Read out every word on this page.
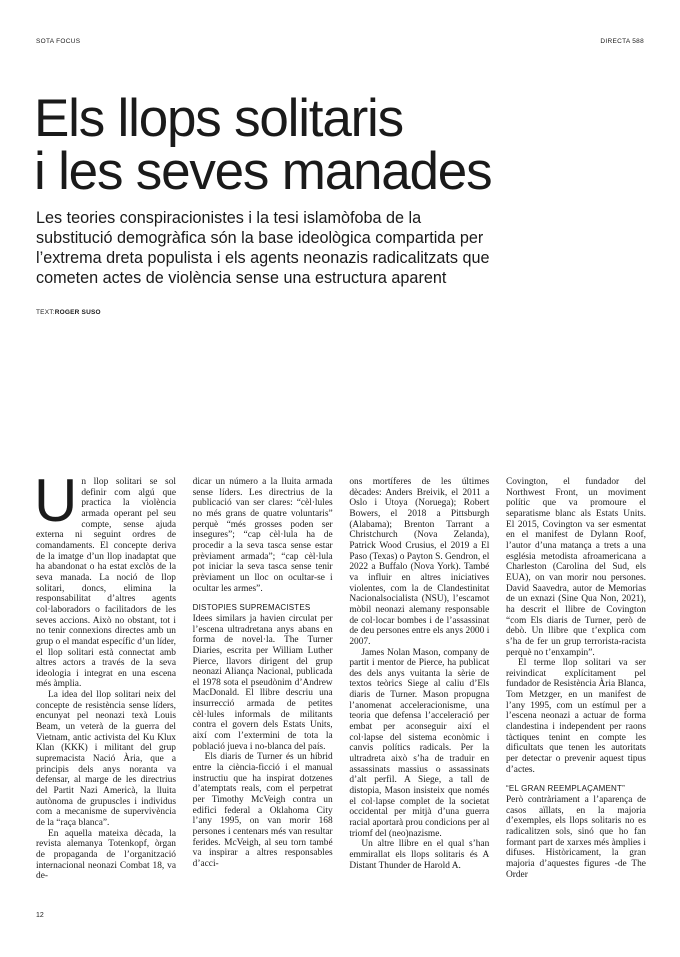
SOTA FOCUS	DIRECTA 588
Els llops solitaris
i les seves manades
Les teories conspiracionistes i la tesi islamòfoba de la
substitució demogràfica són la base ideològica compartida per
l’extrema dreta populista i els agents neonazis radicalitzats que
cometen actes de violència sense una estructura aparent
TEXT:ROGER SUSO
U n llop solitari se sol definir com algú que practica la violència armada operant pel seu compte, sense ajuda externa ni seguint ordres de comandaments. El concepte deriva de la imatge d’un llop inadaptat que ha abandonat o ha estat exclòs de la seva manada. La noció de llop solitari, doncs, elimina la responsabilitat d’altres agents col·laboradors o facilitadors de les seves accions. Això no obstant, tot i no tenir connexions directes amb un grup o el mandat específic d’un líder, el llop solitari està connectat amb altres actors a través de la seva ideologia i integrat en una escena més àmplia.

La idea del llop solitari neix del concepte de resistència sense líders, encunyat pel neonazi texà Louis Beam, un veterà de la guerra del Vietnam, antic activista del Ku Klux Klan (KKK) i militant del grup supremacista Nació Ària, que a principis dels anys noranta va defensar, al marge de les directrius del Partit Nazi Americà, la lluita autònoma de grupuscles i individus com a mecanisme de supervivència de la “raça blanca”.

En aquella mateixa dècada, la revista alemanya Totenkopf, òrgan de propaganda de l’organització internacional neonazi Combat 18, va de-

dicar un número a la lluita armada sense líders. Les directrius de la publicació van ser clares: “cèl·lules no més grans de quatre voluntaris” perquè “més grosses poden ser insegures”; “cap cèl·lula ha de procedir a la seva tasca sense estar prèviament armada”; “cap cèl·lula pot iniciar la seva tasca sense tenir prèviament un lloc on ocultar-se i ocultar les armes”.

DISTOPIES SUPREMACISTES

Idees similars ja havien circulat per l’escena ultradretana anys abans en forma de novel·la. The Turner Diaries, escrita per William Luther Pierce, llavors dirigent del grup neonazi Aliança Nacional, publicada el 1978 sota el pseudònim d’Andrew MacDonald. El llibre descriu una insurrecció armada de petites cèl·lules informals de militants contra el govern dels Estats Units, així com l’extermini de tota la població jueva i no-blanca del país.

Els diaris de Turner és un híbrid entre la ciència-ficció i el manual instructiu que ha inspirat dotzenes d’atemptats reals, com el perpetrat per Timothy McVeigh contra un edifici federal a Oklahoma City l’any 1995, on van morir 168 persones i centenars més van resultar ferides. McVeigh, al seu torn també va inspirar a altres responsables d’acci-

ons mortíferes de les últimes dècades: Anders Breivik, el 2011 a Oslo i Utoya (Noruega); Robert Bowers, el 2018 a Pittsburgh (Alabama); Brenton Tarrant a Christchurch (Nova Zelanda), Patrick Wood Crusius, el 2019 a El Paso (Texas) o Payton S. Gendron, el 2022 a Buffalo (Nova York). També va influir en altres iniciatives violentes, com la de Clandestinitat Nacionalsocialista (NSU), l’escamot mòbil neonazi alemany responsable de col·locar bombes i de l’assassinat de deu persones entre els anys 2000 i 2007.

James Nolan Mason, company de partit i mentor de Pierce, ha publicat des dels anys vuitanta la sèrie de textos teòrics Siege al caliu d’Els diaris de Turner. Mason propugna l’anomenat acceleracionisme, una teoria que defensa l’acceleració per embat per aconseguir així el col·lapse del sistema econòmic i canvis polítics radicals. Per la ultradreta això s’ha de traduir en assassinats massius o assassinats d’alt perfil. A Siege, a tall de distopia, Mason insisteix que només el col·lapse complet de la societat occidental per mitjà d’una guerra racial aportarà prou condicions per al triomf del (neo)nazisme.

Un altre llibre en el qual s’han emmirallat els llops solitaris és A Distant Thunder de Harold A.

Covington, el fundador del Northwest Front, un moviment polític que va promoure el separatisme blanc als Estats Units. El 2015, Covington va ser esmentat en el manifest de Dylann Roof, l’autor d’una matança a trets a una església metodista afroamericana a Charleston (Carolina del Sud, els EUA), on van morir nou persones. David Saavedra, autor de Memorias de un exnazi (Sine Qua Non, 2021), ha descrit el llibre de Covington “com Els diaris de Turner, però de debò. Un llibre que t’explica com s’ha de fer un grup terrorista-racista perquè no t’enxampin”.

El terme llop solitari va ser reivindicat explícitament pel fundador de Resistència Ària Blanca, Tom Metzger, en un manifest de l’any 1995, com un estímul per a l’escena neonazi a actuar de forma clandestina i independent per raons tàctiques tenint en compte les dificultats que tenen les autoritats per detectar o prevenir aquest tipus d’actes.

“EL GRAN REEMPLAÇAMENT”

Però contràriament a l’aparença de casos aïllats, en la majoria d’exemples, els llops solitaris no es radicalitzen sols, sinó que ho fan formant part de xarxes més àmplies i difuses. Històricament, la gran majoria d’aquestes figures -de The Order

12
